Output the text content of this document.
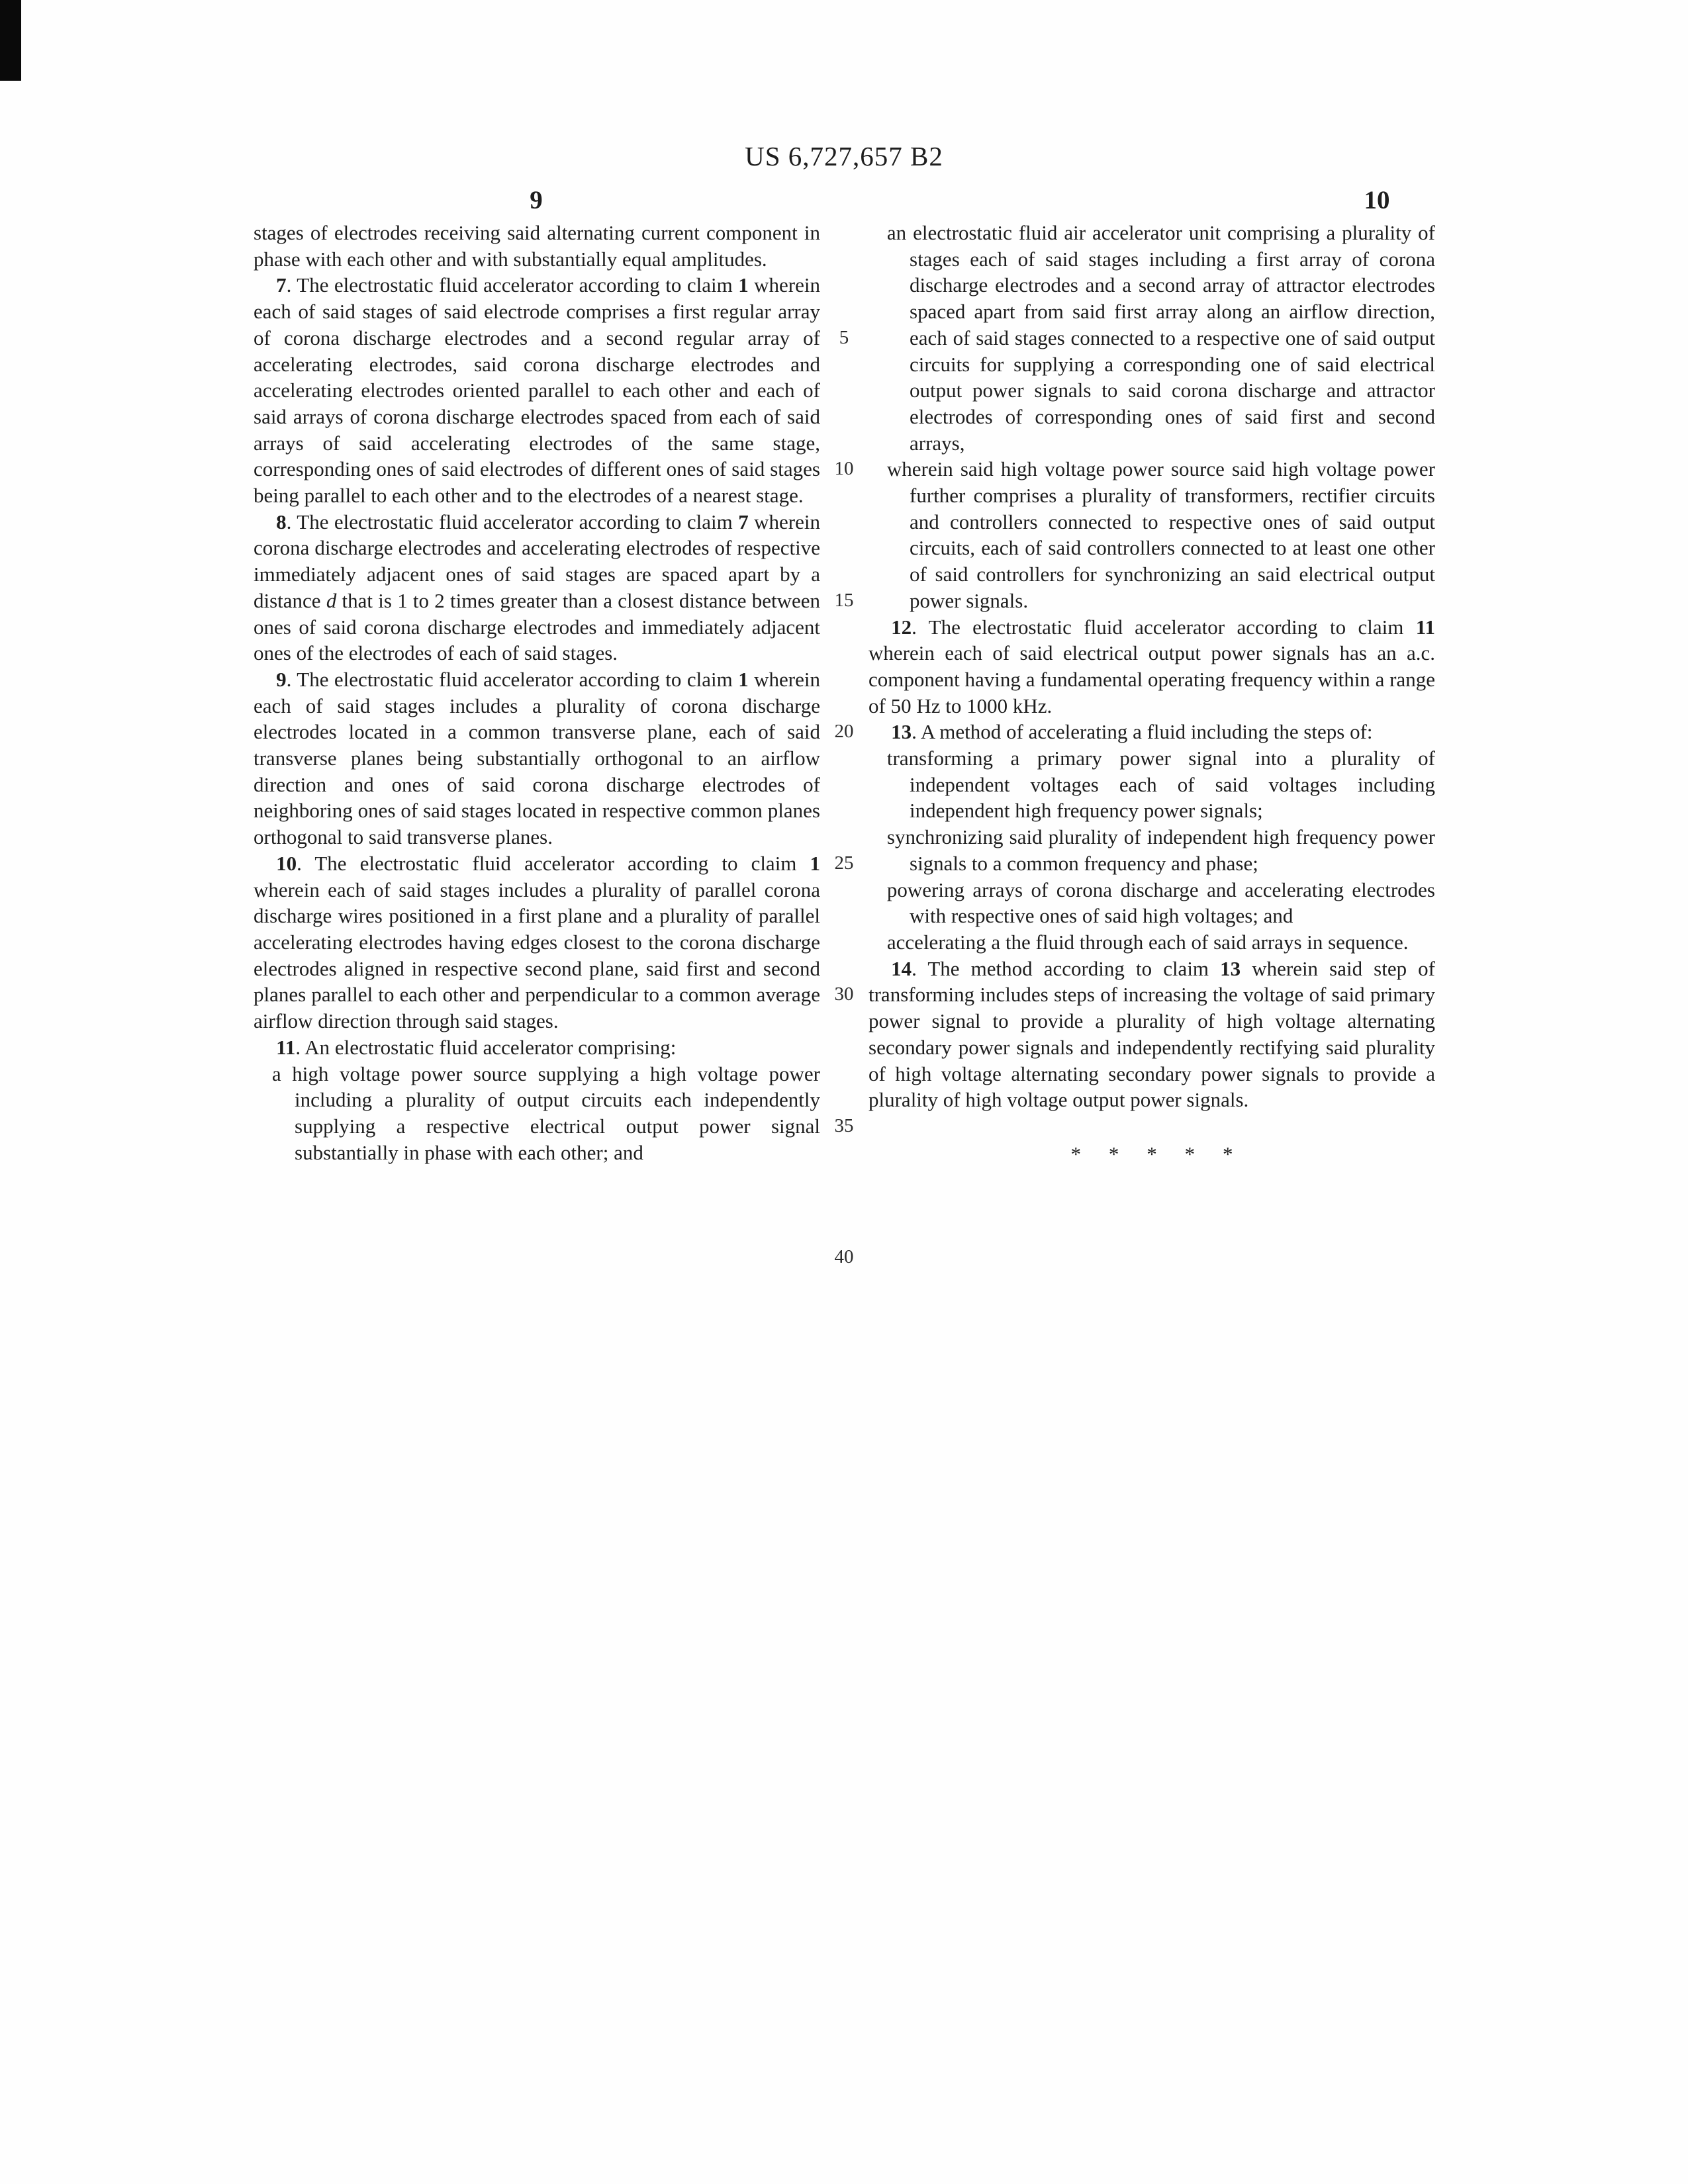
US 6,727,657 B2
9	10

stages of electrodes receiving said alternating current component in phase with each other and with substantially equal amplitudes.

7. The electrostatic fluid accelerator according to claim 1 wherein each of said stages of said electrode comprises a first regular array of corona discharge electrodes and a second regular array of accelerating electrodes, said corona discharge electrodes and accelerating electrodes oriented parallel to each other and each of said arrays of corona discharge electrodes spaced from each of said arrays of said accelerating electrodes of the same stage, corresponding ones of said electrodes of different ones of said stages being parallel to each other and to the electrodes of a nearest stage.

8. The electrostatic fluid accelerator according to claim 7 wherein corona discharge electrodes and accelerating electrodes of respective immediately adjacent ones of said stages are spaced apart by a distance d that is 1 to 2 times greater than a closest distance between ones of said corona discharge electrodes and immediately adjacent ones of the electrodes of each of said stages.

9. The electrostatic fluid accelerator according to claim 1 wherein each of said stages includes a plurality of corona discharge electrodes located in a common transverse plane, each of said transverse planes being substantially orthogonal to an airflow direction and ones of said corona discharge electrodes of neighboring ones of said stages located in respective common planes orthogonal to said transverse planes.

10. The electrostatic fluid accelerator according to claim 1 wherein each of said stages includes a plurality of parallel corona discharge wires positioned in a first plane and a plurality of parallel accelerating electrodes having edges closest to the corona discharge electrodes aligned in respective second plane, said first and second planes parallel to each other and perpendicular to a common average airflow direction through said stages.

11. An electrostatic fluid accelerator comprising:

a high voltage power source supplying a high voltage power including a plurality of output circuits each independently supplying a respective electrical output power signal substantially in phase with each other; and

an electrostatic fluid air accelerator unit comprising a plurality of stages each of said stages including a first array of corona discharge electrodes and a second array of attractor electrodes spaced apart from said first array along an airflow direction, each of said stages connected to a respective one of said output circuits for supplying a corresponding one of said electrical output power signals to said corona discharge and attractor electrodes of corresponding ones of said first and second arrays,

wherein said high voltage power source said high voltage power further comprises a plurality of transformers, rectifier circuits and controllers connected to respective ones of said output circuits, each of said controllers connected to at least one other of said controllers for synchronizing an said electrical output power signals.

12. The electrostatic fluid accelerator according to claim 11 wherein each of said electrical output power signals has an a.c. component having a fundamental operating frequency within a range of 50 Hz to 1000 kHz.

13. A method of accelerating a fluid including the steps of:

transforming a primary power signal into a plurality of independent voltages each of said voltages including independent high frequency power signals;

synchronizing said plurality of independent high frequency power signals to a common frequency and phase;

powering arrays of corona discharge and accelerating electrodes with respective ones of said high voltages; and

accelerating a the fluid through each of said arrays in sequence.

14. The method according to claim 13 wherein said step of transforming includes steps of increasing the voltage of said primary power signal to provide a plurality of high voltage alternating secondary power signals and independently rectifying said plurality of high voltage alternating secondary power signals to provide a plurality of high voltage output power signals.

* * * * *

5
10
15
20
25
30
35
40
